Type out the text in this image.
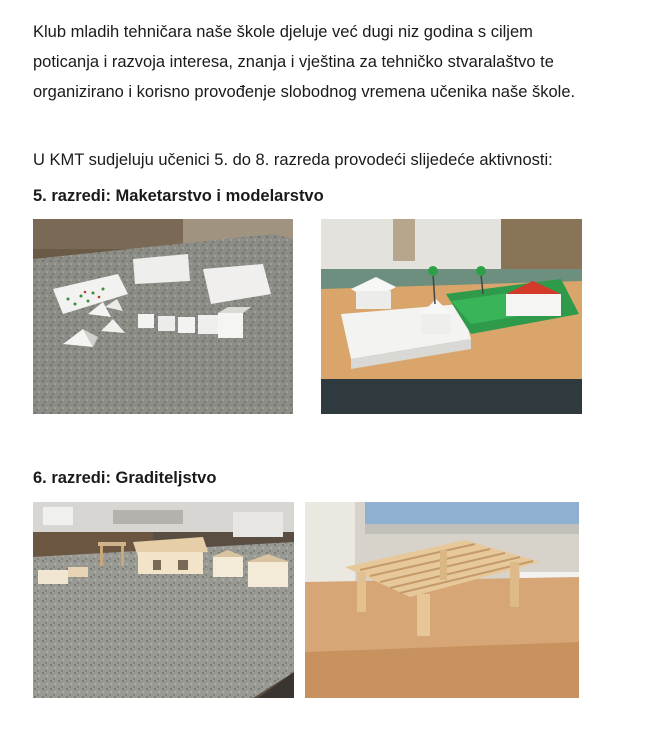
Klub mladih tehničara naše škole djeluje već dugi niz godina s ciljem
poticanja i razvoja interesa, znanja i vještina za tehničko stvaralaštvo te
organizirano i korisno provođenje slobodnog vremena učenika naše škole.

U KMT sudjeluju učenici 5. do 8. razreda provodeći slijedeće aktivnosti:

5. razredi: Maketarstvo i modelarstvo
6. razredi: Graditeljstvo
